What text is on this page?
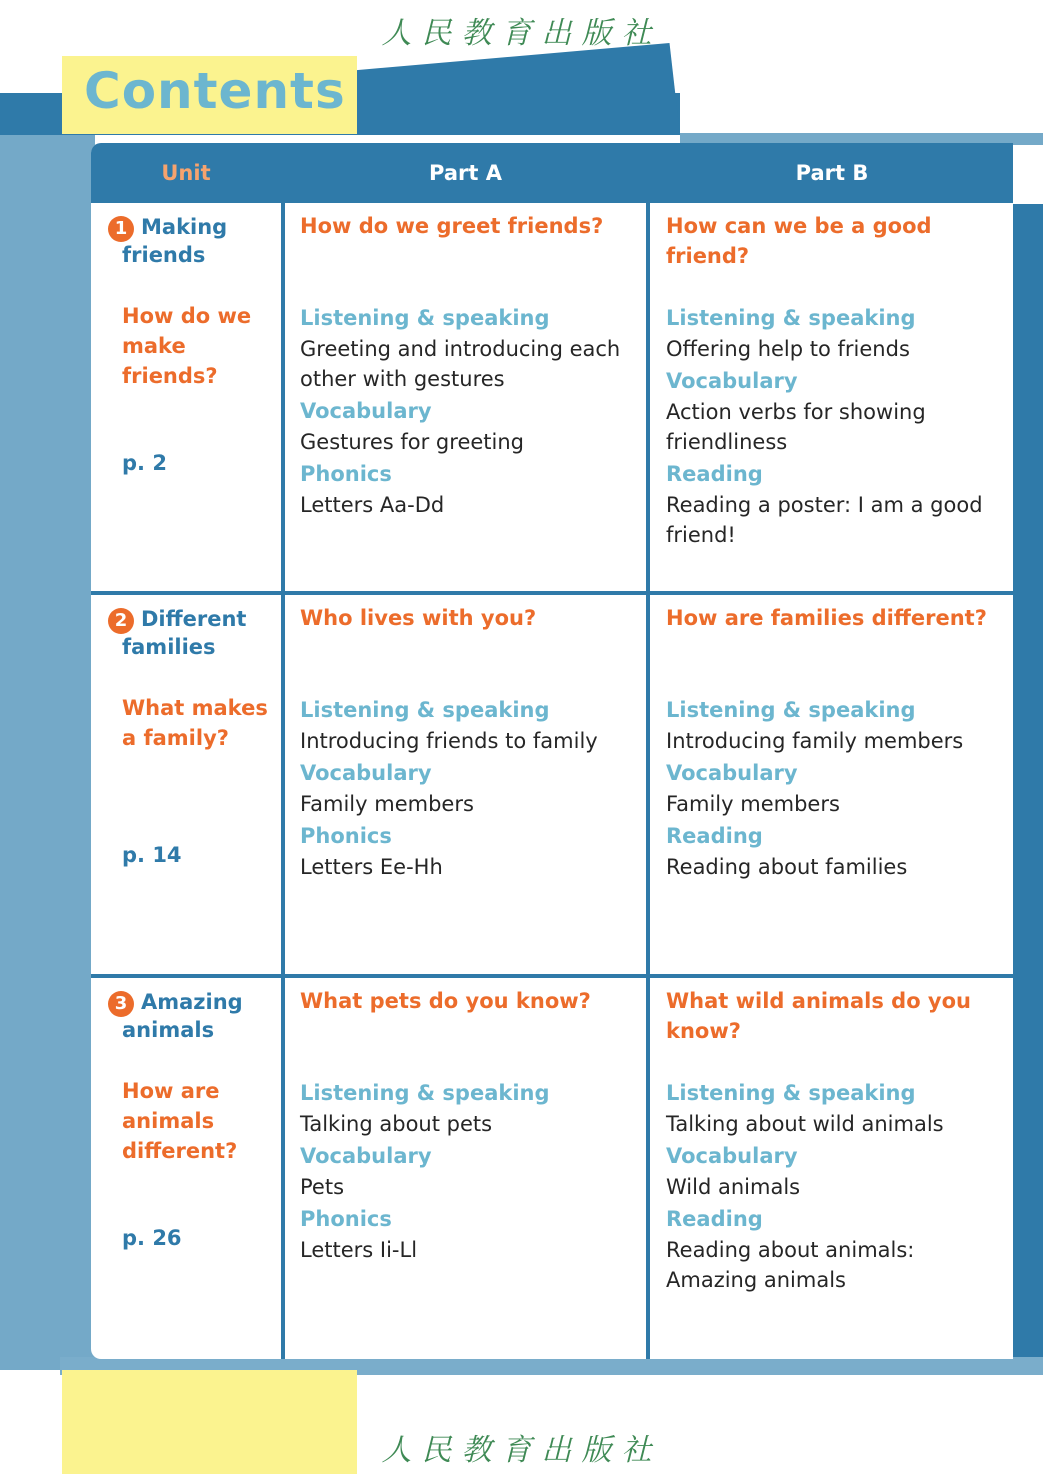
人民教育出版社
Contents
Unit	Part A	Part B
1 Making friends
How do we make friends?
p. 2
How do we greet friends?
Listening & speaking
Greeting and introducing each other with gestures
Vocabulary
Gestures for greeting
Phonics
Letters Aa-Dd
How can we be a good friend?
Listening & speaking
Offering help to friends
Vocabulary
Action verbs for showing friendliness
Reading
Reading a poster: I am a good friend!
2 Different families
What makes a family?
p. 14
Who lives with you?
Listening & speaking
Introducing friends to family
Vocabulary
Family members
Phonics
Letters Ee-Hh
How are families different?
Listening & speaking
Introducing family members
Vocabulary
Family members
Reading
Reading about families
3 Amazing animals
How are animals different?
p. 26
What pets do you know?
Listening & speaking
Talking about pets
Vocabulary
Pets
Phonics
Letters Ii-Ll
What wild animals do you know?
Listening & speaking
Talking about wild animals
Vocabulary
Wild animals
Reading
Reading about animals: Amazing animals
人民教育出版社
